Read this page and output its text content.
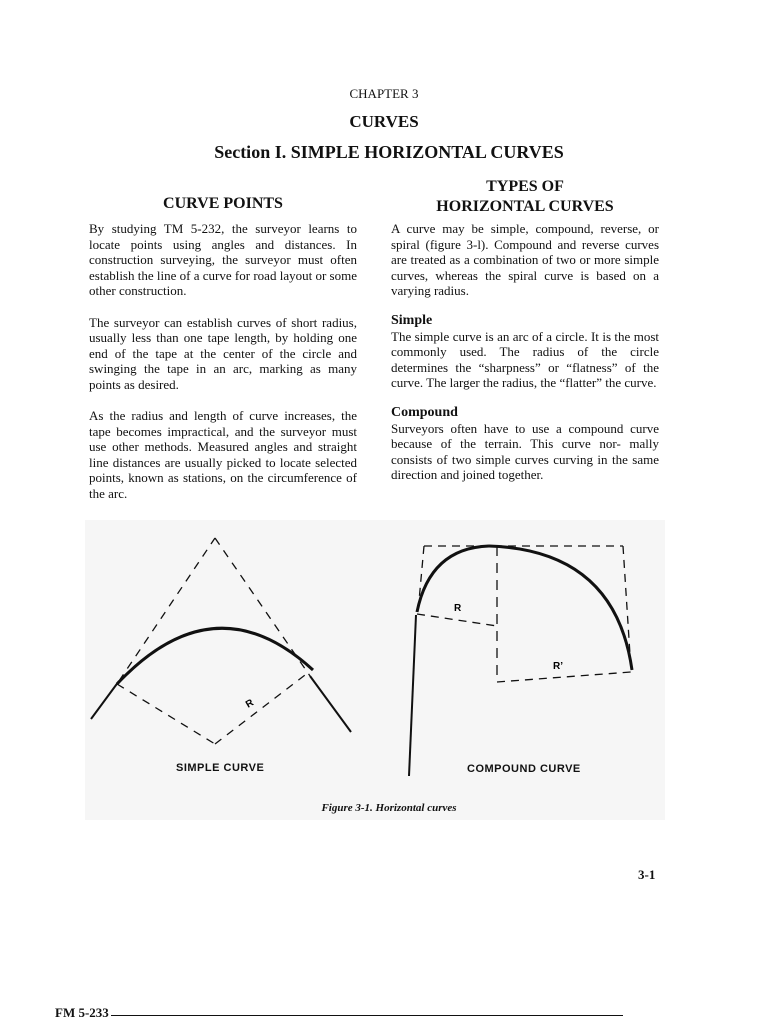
CHAPTER 3
CURVES
Section I. SIMPLE HORIZONTAL CURVES
CURVE POINTS
TYPES OF
HORIZONTAL CURVES

By studying TM 5-232, the surveyor learns to locate points using angles and distances. In construction surveying, the surveyor must often establish the line of a curve for road layout or some other construction.

The surveyor can establish curves of short radius, usually less than one tape length, by holding one end of the tape at the center of the circle and swinging the tape in an arc, marking as many points as desired.

As the radius and length of curve increases, the tape becomes impractical, and the surveyor must use other methods. Measured angles and straight line distances are usually picked to locate selected points, known as stations, on the circumference of the arc.

A curve may be simple, compound, reverse, or spiral (figure 3-l). Compound and reverse curves are treated as a combination of two or more simple curves, whereas the spiral curve is based on a varying radius.

Simple

The simple curve is an arc of a circle. It is the most commonly used. The radius of the circle determines the “sharpness” or “flatness” of the curve. The larger the radius, the “flatter” the curve.

Compound

Surveyors often have to use a compound curve because of the terrain. This curve nor- mally consists of two simple curves curving in the same direction and joined together.

R
R
R’
SIMPLE CURVE	COMPOUND CURVE
Figure 3-1. Horizontal curves
3-1
FM 5-233
